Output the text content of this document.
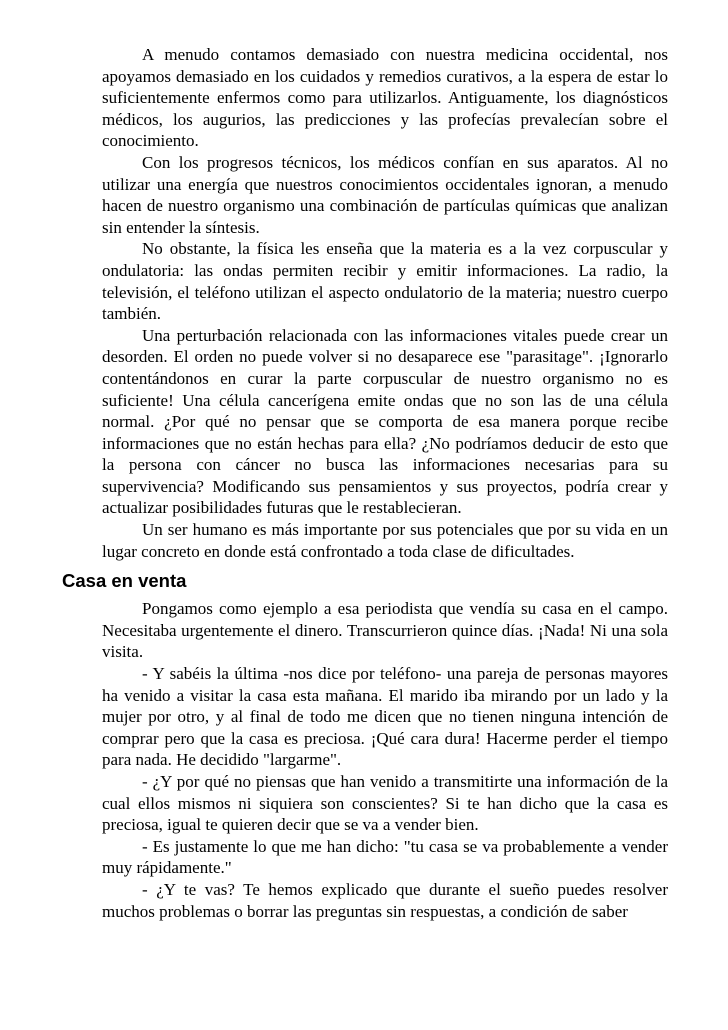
A menudo contamos demasiado con nuestra medicina occidental, nos apoyamos demasiado en los cuidados y remedios curativos, a la espera de estar lo suficientemente enfermos como para utilizarlos. Antiguamente, los diagnósticos médicos, los augurios, las predicciones y las profecías prevalecían sobre el conocimiento.

Con los progresos técnicos, los médicos confían en sus aparatos. Al no utilizar una energía que nuestros conocimientos occidentales ignoran, a menudo hacen de nuestro organismo una combinación de partículas químicas que analizan sin entender la síntesis.

No obstante, la física les enseña que la materia es a la vez corpuscular y ondulatoria: las ondas permiten recibir y emitir informaciones. La radio, la televisión, el teléfono utilizan el aspecto ondulatorio de la materia; nuestro cuerpo también.

Una perturbación relacionada con las informaciones vitales puede crear un desorden. El orden no puede volver si no desaparece ese "parasitage". ¡Ignorarlo contentándonos en curar la parte corpuscular de nuestro organismo no es suficiente! Una célula cancerígena emite ondas que no son las de una célula normal. ¿Por qué no pensar que se comporta de esa manera porque recibe informaciones que no están hechas para ella? ¿No podríamos deducir de esto que la persona con cáncer no busca las informaciones necesarias para su supervivencia? Modificando sus pensamientos y sus proyectos, podría crear y actualizar posibilidades futuras que le restablecieran.

Un ser humano es más importante por sus potenciales que por su vida en un lugar concreto en donde está confrontado a toda clase de dificultades.

Casa en venta

Pongamos como ejemplo a esa periodista que vendía su casa en el campo. Necesitaba urgentemente el dinero. Transcurrieron quince días. ¡Nada! Ni una sola visita.

- Y sabéis la última -nos dice por teléfono- una pareja de personas mayores ha venido a visitar la casa esta mañana. El marido iba mirando por un lado y la mujer por otro, y al final de todo me dicen que no tienen ninguna intención de comprar pero que la casa es preciosa. ¡Qué cara dura! Hacerme perder el tiempo para nada. He decidido "largarme".

- ¿Y por qué no piensas que han venido a transmitirte una información de la cual ellos mismos ni siquiera son conscientes? Si te han dicho que la casa es preciosa, igual te quieren decir que se va a vender bien.

- Es justamente lo que me han dicho: "tu casa se va probablemente a vender muy rápidamente."

- ¿Y te vas? Te hemos explicado que durante el sueño puedes resolver muchos problemas o borrar las preguntas sin respuestas, a condición de saber
